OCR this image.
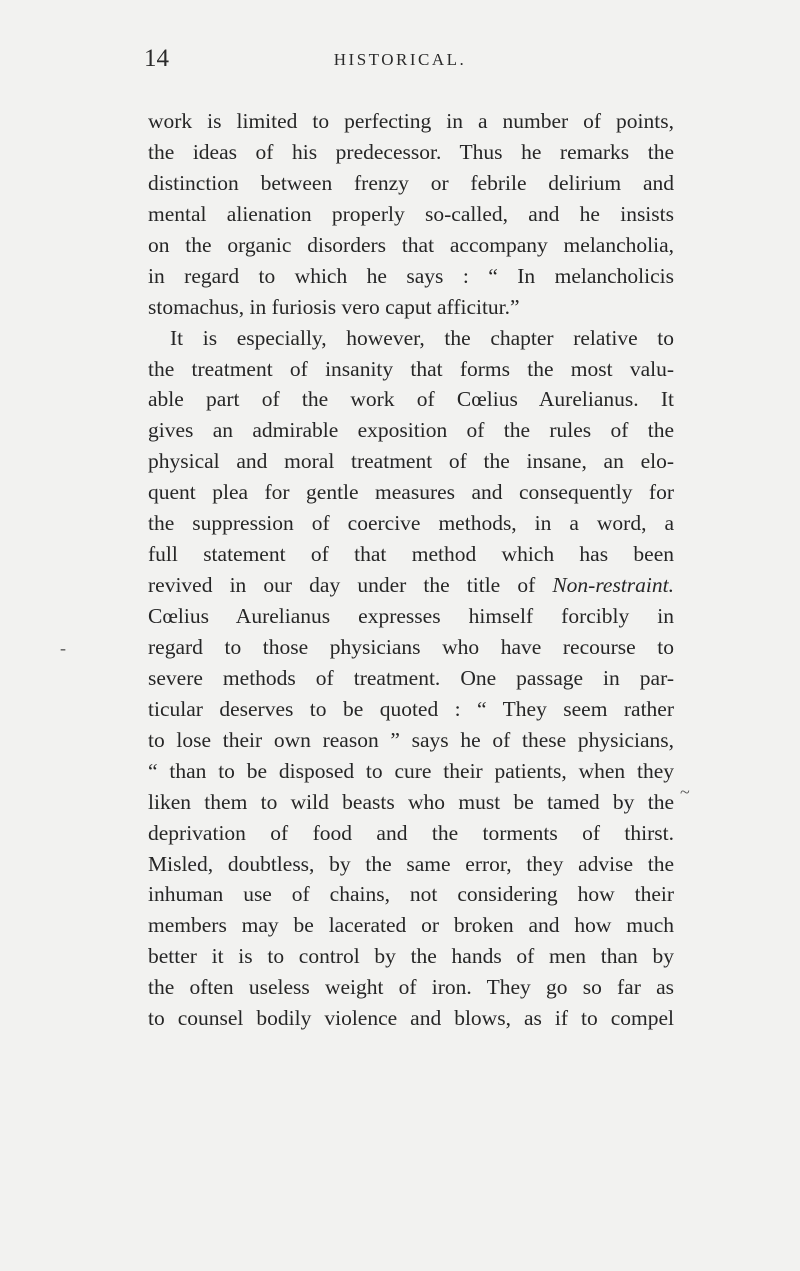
14	HISTORICAL.
work is limited to perfecting in a number of points,
the ideas of his predecessor. Thus he remarks the
distinction between frenzy or febrile delirium and
mental alienation properly so-called, and he insists
on the organic disorders that accompany melancholia,
in regard to which he says : “ In melancholicis
stomachus, in furiosis vero caput afficitur.”
It is especially, however, the chapter relative to
the treatment of insanity that forms the most valu-
able part of the work of Cœlius Aurelianus. It
gives an admirable exposition of the rules of the
physical and moral treatment of the insane, an elo-
quent plea for gentle measures and consequently for
the suppression of coercive methods, in a word, a
full statement of that method which has been
revived in our day under the title of Non-restraint.
Cœlius Aurelianus expresses himself forcibly in
regard to those physicians who have recourse to
severe methods of treatment. One passage in par-
ticular deserves to be quoted : “ They seem rather
to lose their own reason ” says he of these physicians,
“ than to be disposed to cure their patients, when they
liken them to wild beasts who must be tamed by the
deprivation of food and the torments of thirst.
Misled, doubtless, by the same error, they advise the
inhuman use of chains, not considering how their
members may be lacerated or broken and how much
better it is to control by the hands of men than by
the often useless weight of iron. They go so far as
to counsel bodily violence and blows, as if to compel
-
~
